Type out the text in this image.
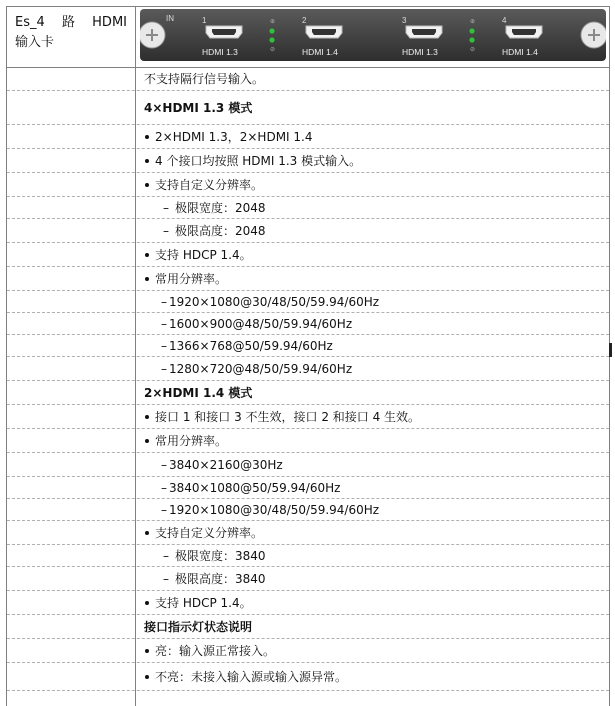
Es_4 路 HDMI
输入卡
IN	1
HDMI 1.3
⊕
⊘
2
HDMI 1.4
3
HDMI 1.3
⊕
⊘
4
HDMI 1.4
不支持隔行信号输入。
4×HDMI 1.3 模式
2×HDMI 1.3，2×HDMI 1.4
4 个接口均按照 HDMI 1.3 模式输入。
支持自定义分辨率。
– 极限宽度：2048
– 极限高度：2048
支持 HDCP 1.4。
常用分辨率。
– 1920×1080@30/48/50/59.94/60Hz
– 1600×900@48/50/59.94/60Hz
– 1366×768@50/59.94/60Hz
– 1280×720@48/50/59.94/60Hz
2×HDMI 1.4 模式
接口 1 和接口 3 不生效，接口 2 和接口 4 生效。
常用分辨率。
– 3840×2160@30Hz
– 3840×1080@50/59.94/60Hz
– 1920×1080@30/48/50/59.94/60Hz
支持自定义分辨率。
– 极限宽度：3840
– 极限高度：3840
支持 HDCP 1.4。
接口指示灯状态说明
亮：输入源正常接入。
不亮：未接入输入源或输入源异常。
